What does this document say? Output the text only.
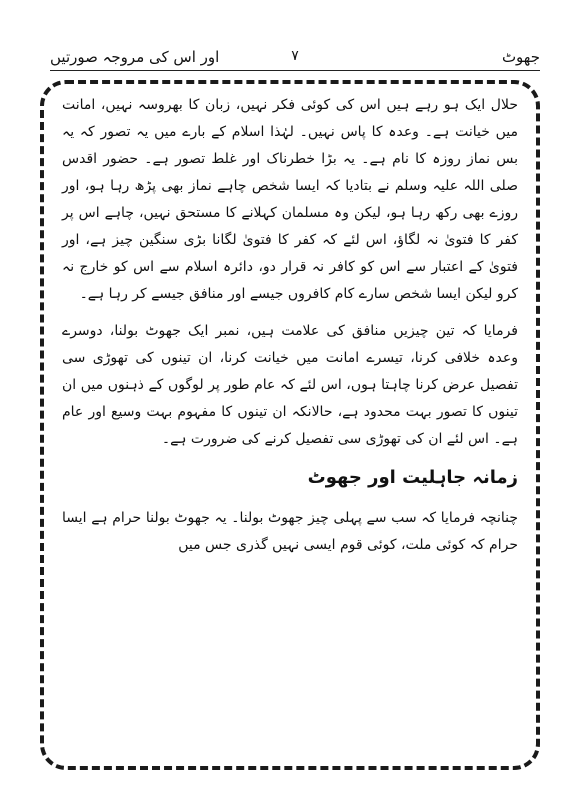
جھوٹ
۷
اور اس کی مروجہ صورتیں

حلال ایک ہو رہے ہیں اس کی کوئی فکر نہیں، زبان کا بھروسہ نہیں، امانت میں خیانت ہے۔ وعدہ کا پاس نہیں۔ لہٰذا اسلام کے بارے میں یہ تصور کہ یہ بس نماز روزہ کا نام ہے۔ یہ بڑا خطرناک اور غلط تصور ہے۔ حضور اقدس صلی اللہ علیہ وسلم نے بتادیا کہ ایسا شخص چاہے نماز بھی پڑھ رہا ہو، اور روزے بھی رکھ رہا ہو، لیکن وہ مسلمان کہلانے کا مستحق نہیں، چاہے اس پر کفر کا فتویٰ نہ لگاؤ، اس لئے کہ کفر کا فتویٰ لگانا بڑی سنگین چیز ہے، اور فتویٰ کے اعتبار سے اس کو کافر نہ قرار دو، دائرہ اسلام سے اس کو خارج نہ کرو لیکن ایسا شخص سارے کام کافروں جیسے اور منافق جیسے کر رہا ہے۔

فرمایا کہ تین چیزیں منافق کی علامت ہیں، نمبر ایک جھوٹ بولنا، دوسرے وعدہ خلافی کرنا، تیسرے امانت میں خیانت کرنا، ان تینوں کی تھوڑی سی تفصیل عرض کرنا چاہتا ہوں، اس لئے کہ عام طور پر لوگوں کے ذہنوں میں ان تینوں کا تصور بہت محدود ہے، حالانکہ ان تینوں کا مفہوم بہت وسیع اور عام ہے۔ اس لئے ان کی تھوڑی سی تفصیل کرنے کی ضرورت ہے۔

زمانہ جاہلیت اور جھوٹ

چنانچہ فرمایا کہ سب سے پہلی چیز جھوٹ بولنا۔ یہ جھوٹ بولنا حرام ہے ایسا حرام کہ کوئی ملت، کوئی قوم ایسی نہیں گذری جس میں
